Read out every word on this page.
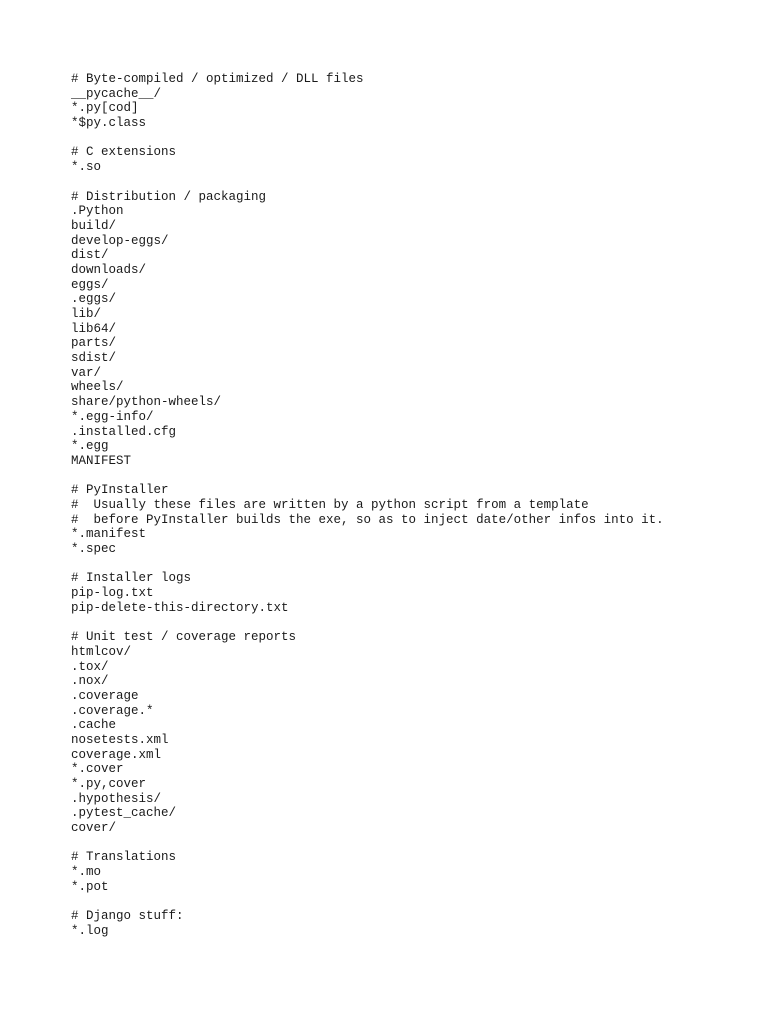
# Byte-compiled / optimized / DLL files
__pycache__/
*.py[cod]
*$py.class
# C extensions
*.so
# Distribution / packaging
.Python
build/
develop-eggs/
dist/
downloads/
eggs/
.eggs/
lib/
lib64/
parts/
sdist/
var/
wheels/
share/python-wheels/
*.egg-info/
.installed.cfg
*.egg
MANIFEST
# PyInstaller
#  Usually these files are written by a python script from a template
#  before PyInstaller builds the exe, so as to inject date/other infos into it.
*.manifest
*.spec
# Installer logs
pip-log.txt
pip-delete-this-directory.txt
# Unit test / coverage reports
htmlcov/
.tox/
.nox/
.coverage
.coverage.*
.cache
nosetests.xml
coverage.xml
*.cover
*.py,cover
.hypothesis/
.pytest_cache/
cover/
# Translations
*.mo
*.pot
# Django stuff:
*.log
